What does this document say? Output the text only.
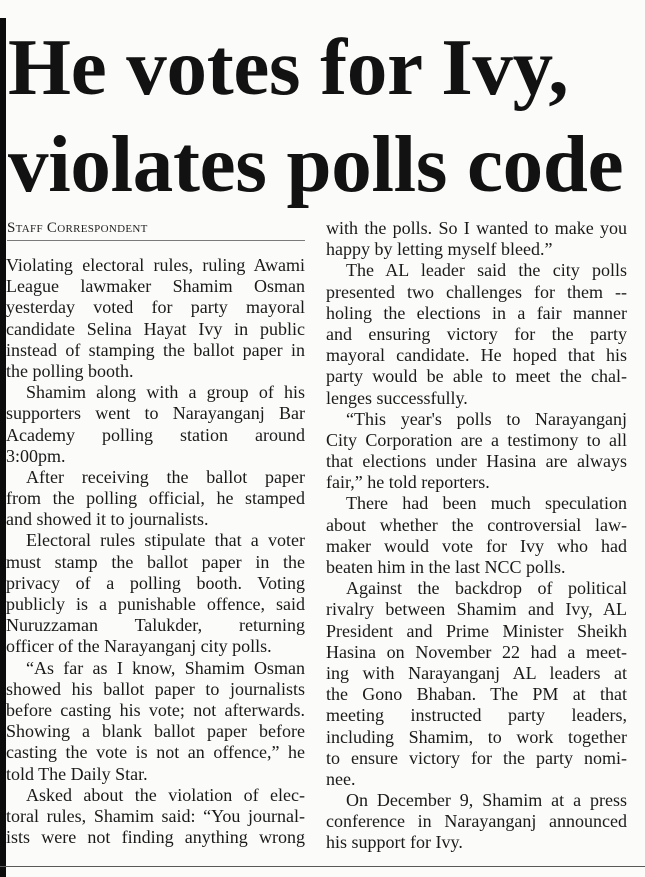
He votes for Ivy,
violates polls code
Staff Correspondent
Violating electoral rules, ruling Awami
League lawmaker Shamim Osman
yesterday voted for party mayoral
candidate Selina Hayat Ivy in public
instead of stamping the ballot paper in
the polling booth.
Shamim along with a group of his
supporters went to Narayanganj Bar
Academy polling station around
3:00pm.
After receiving the ballot paper
from the polling official, he stamped
and showed it to journalists.
Electoral rules stipulate that a voter
must stamp the ballot paper in the
privacy of a polling booth. Voting
publicly is a punishable offence, said
Nuruzzaman Talukder, returning
officer of the Narayanganj city polls.
“As far as I know, Shamim Osman
showed his ballot paper to journalists
before casting his vote; not afterwards.
Showing a blank ballot paper before
casting the vote is not an offence,” he
told The Daily Star.
Asked about the violation of elec-
toral rules, Shamim said: “You journal-
ists were not finding anything wrong
with the polls. So I wanted to make you
happy by letting myself bleed.”
The AL leader said the city polls
presented two challenges for them --
holing the elections in a fair manner
and ensuring victory for the party
mayoral candidate. He hoped that his
party would be able to meet the chal-
lenges successfully.
“This year's polls to Narayanganj
City Corporation are a testimony to all
that elections under Hasina are always
fair,” he told reporters.
There had been much speculation
about whether the controversial law-
maker would vote for Ivy who had
beaten him in the last NCC polls.
Against the backdrop of political
rivalry between Shamim and Ivy, AL
President and Prime Minister Sheikh
Hasina on November 22 had a meet-
ing with Narayanganj AL leaders at
the Gono Bhaban. The PM at that
meeting instructed party leaders,
including Shamim, to work together
to ensure victory for the party nomi-
nee.
On December 9, Shamim at a press
conference in Narayanganj announced
his support for Ivy.
